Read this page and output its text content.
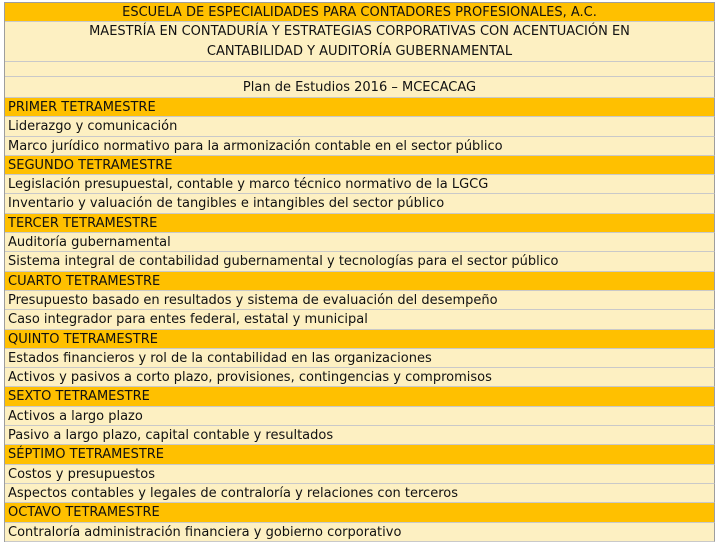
ESCUELA DE ESPECIALIDADES PARA CONTADORES PROFESIONALES, A.C.
MAESTRÍA EN CONTADURÍA Y ESTRATEGIAS CORPORATIVAS CON ACENTUACIÓN EN
CANTABILIDAD Y AUDITORÍA GUBERNAMENTAL
Plan de Estudios 2016 – MCECACAG
PRIMER TETRAMESTRE
Liderazgo y comunicación
Marco jurídico normativo para la armonización contable en el sector público
SEGUNDO TETRAMESTRE
Legislación presupuestal, contable y marco técnico normativo de la LGCG
Inventario y valuación de tangibles e intangibles del sector público
TERCER TETRAMESTRE
Auditoría gubernamental
Sistema integral de contabilidad gubernamental y tecnologías para el sector público
CUARTO TETRAMESTRE
Presupuesto basado en resultados y sistema de evaluación del desempeño
Caso integrador para entes federal, estatal y municipal
QUINTO TETRAMESTRE
Estados financieros y rol de la contabilidad en las organizaciones
Activos y pasivos a corto plazo, provisiones, contingencias y compromisos
SEXTO TETRAMESTRE
Activos a largo plazo
Pasivo a largo plazo, capital contable y resultados
SÉPTIMO TETRAMESTRE
Costos y presupuestos
Aspectos contables y legales de contraloría y relaciones con terceros
OCTAVO TETRAMESTRE
Contraloría administración financiera y gobierno corporativo
